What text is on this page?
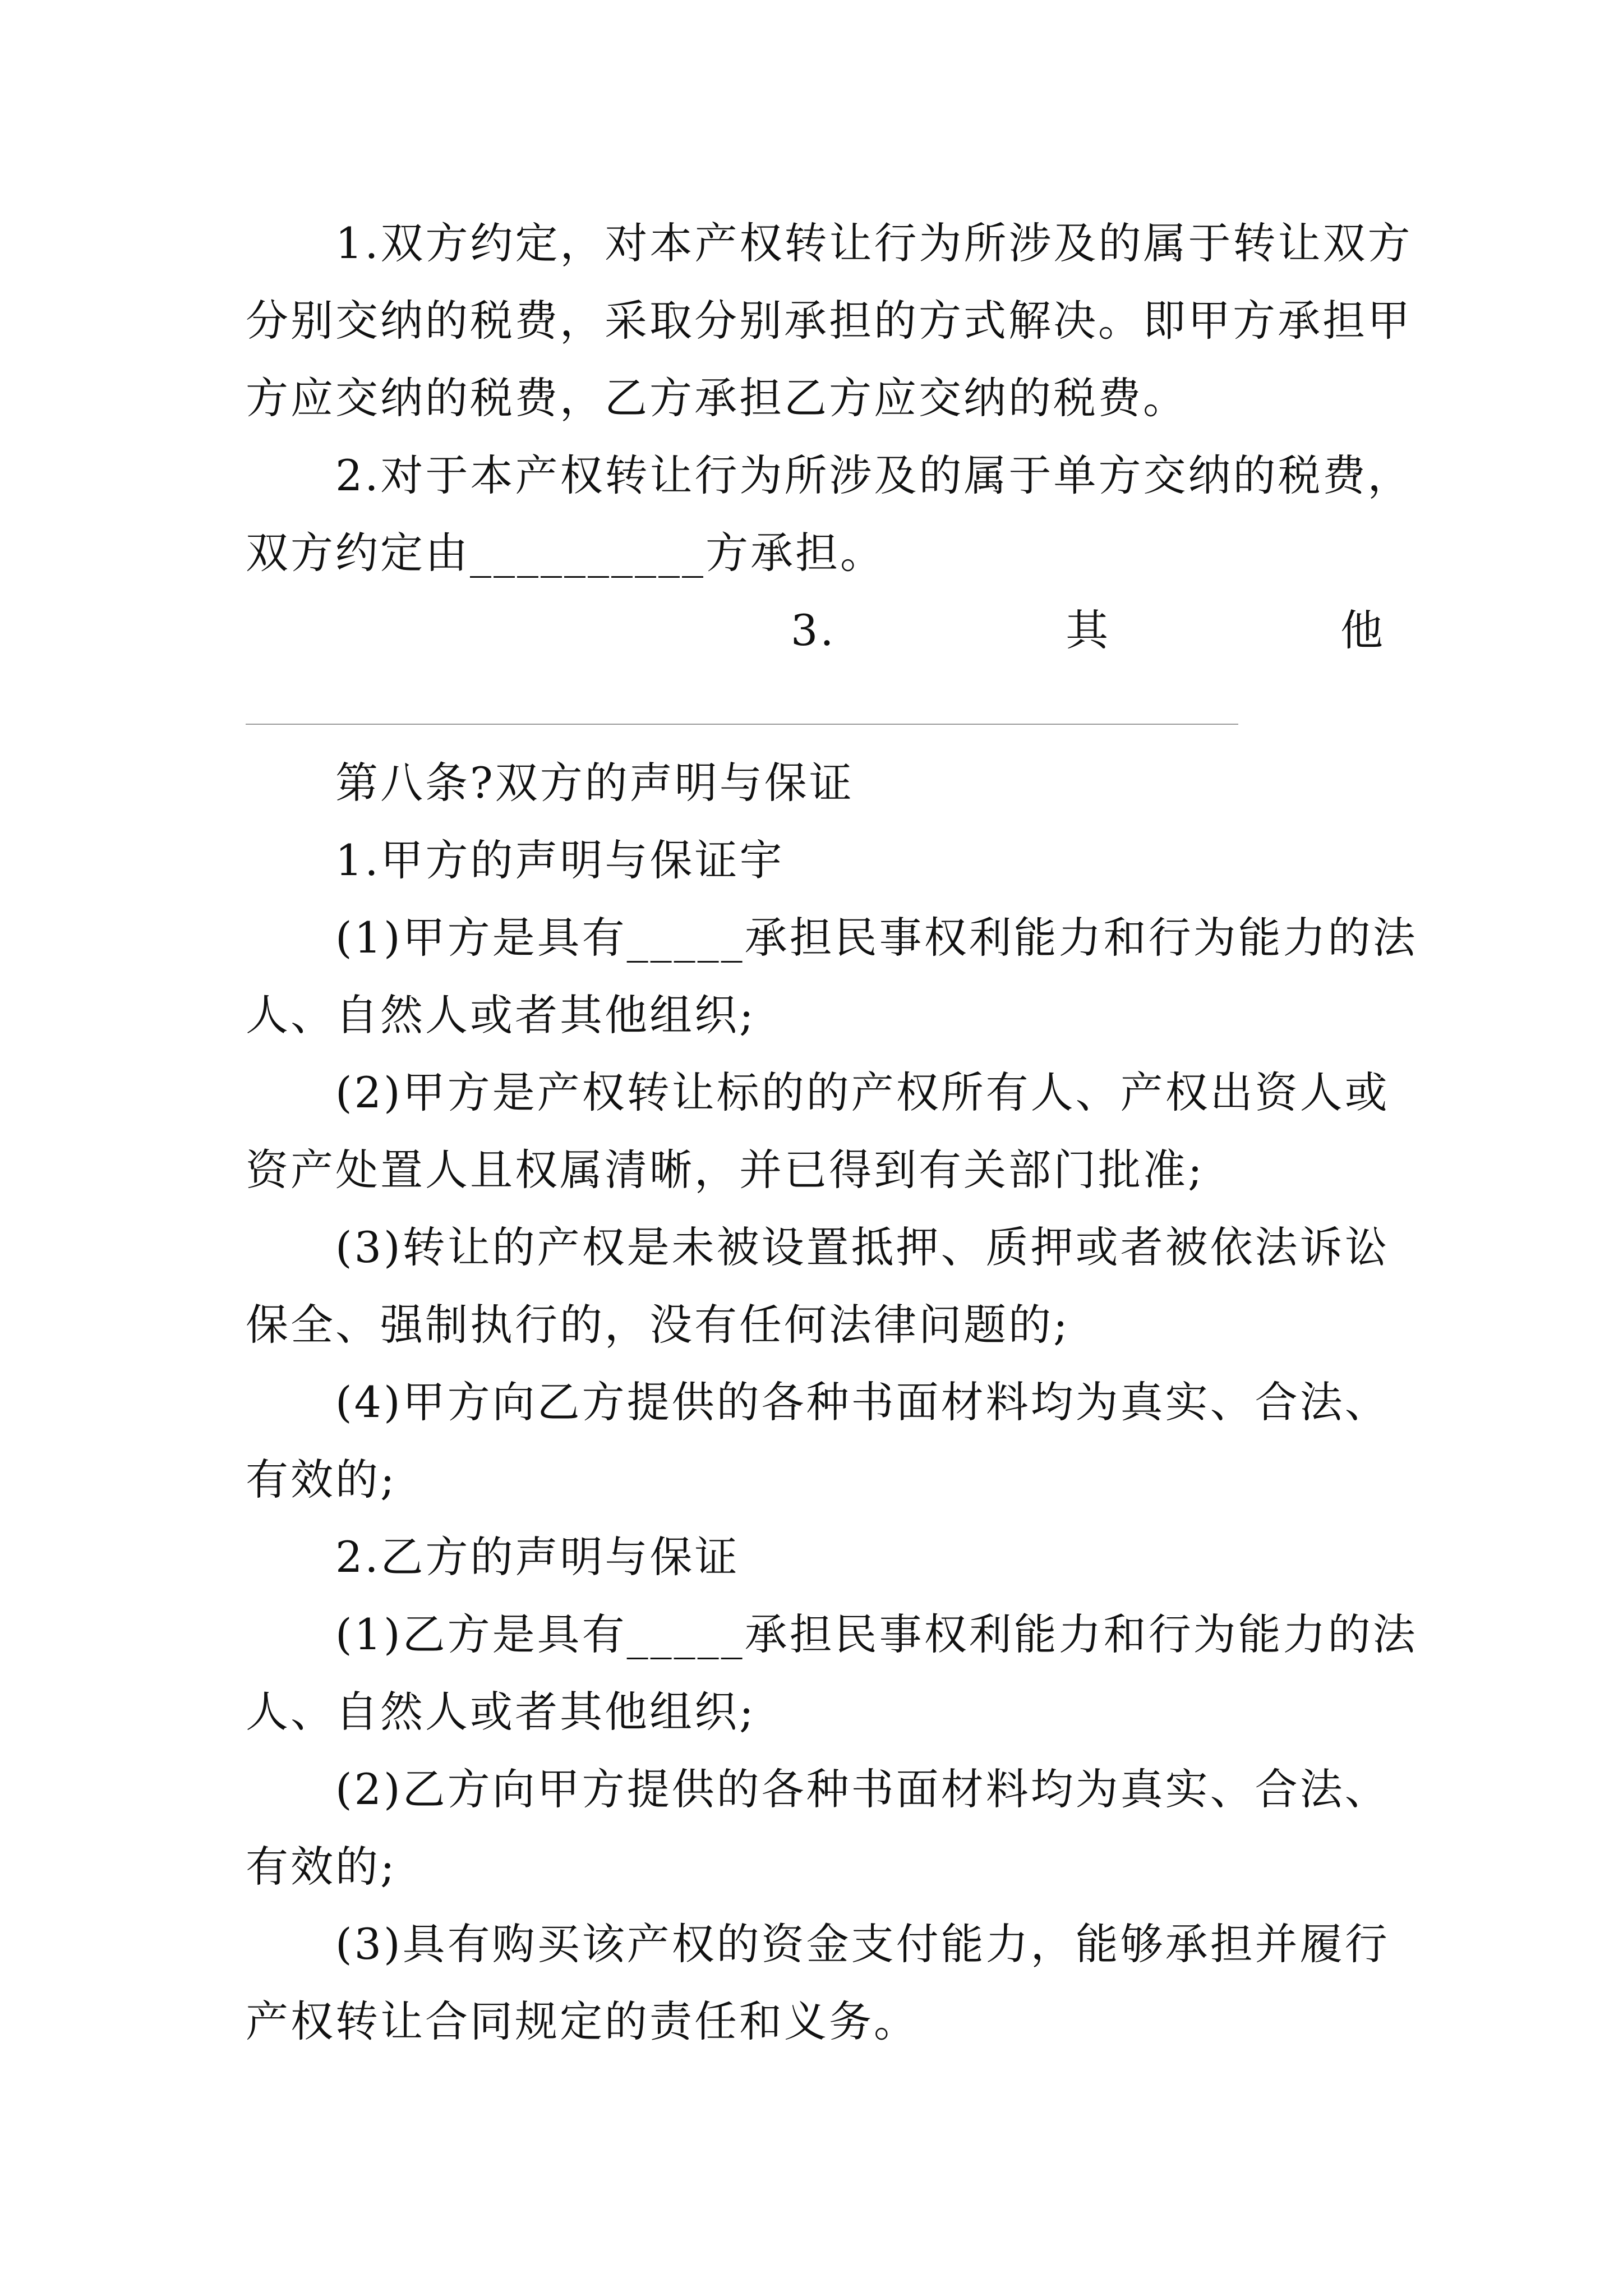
1.双方约定，对本产权转让行为所涉及的属于转让双方
分别交纳的税费，采取分别承担的方式解决。即甲方承担甲
方应交纳的税费，乙方承担乙方应交纳的税费。
2.对于本产权转让行为所涉及的属于单方交纳的税费，
双方约定由__________方承担。
3.	其	他
第八条?双方的声明与保证
1.甲方的声明与保证宇
(1)甲方是具有_____承担民事权利能力和行为能力的法
人、自然人或者其他组织;
(2)甲方是产权转让标的的产权所有人、产权出资人或
资产处置人且权属清晰，并已得到有关部门批准;
(3)转让的产权是未被设置抵押、质押或者被依法诉讼
保全、强制执行的，没有任何法律问题的;
(4)甲方向乙方提供的各种书面材料均为真实、合法、
有效的;
2.乙方的声明与保证
(1)乙方是具有_____承担民事权利能力和行为能力的法
人、自然人或者其他组织;
(2)乙方向甲方提供的各种书面材料均为真实、合法、
有效的;
(3)具有购买该产权的资金支付能力，能够承担并履行
产权转让合同规定的责任和义务。
